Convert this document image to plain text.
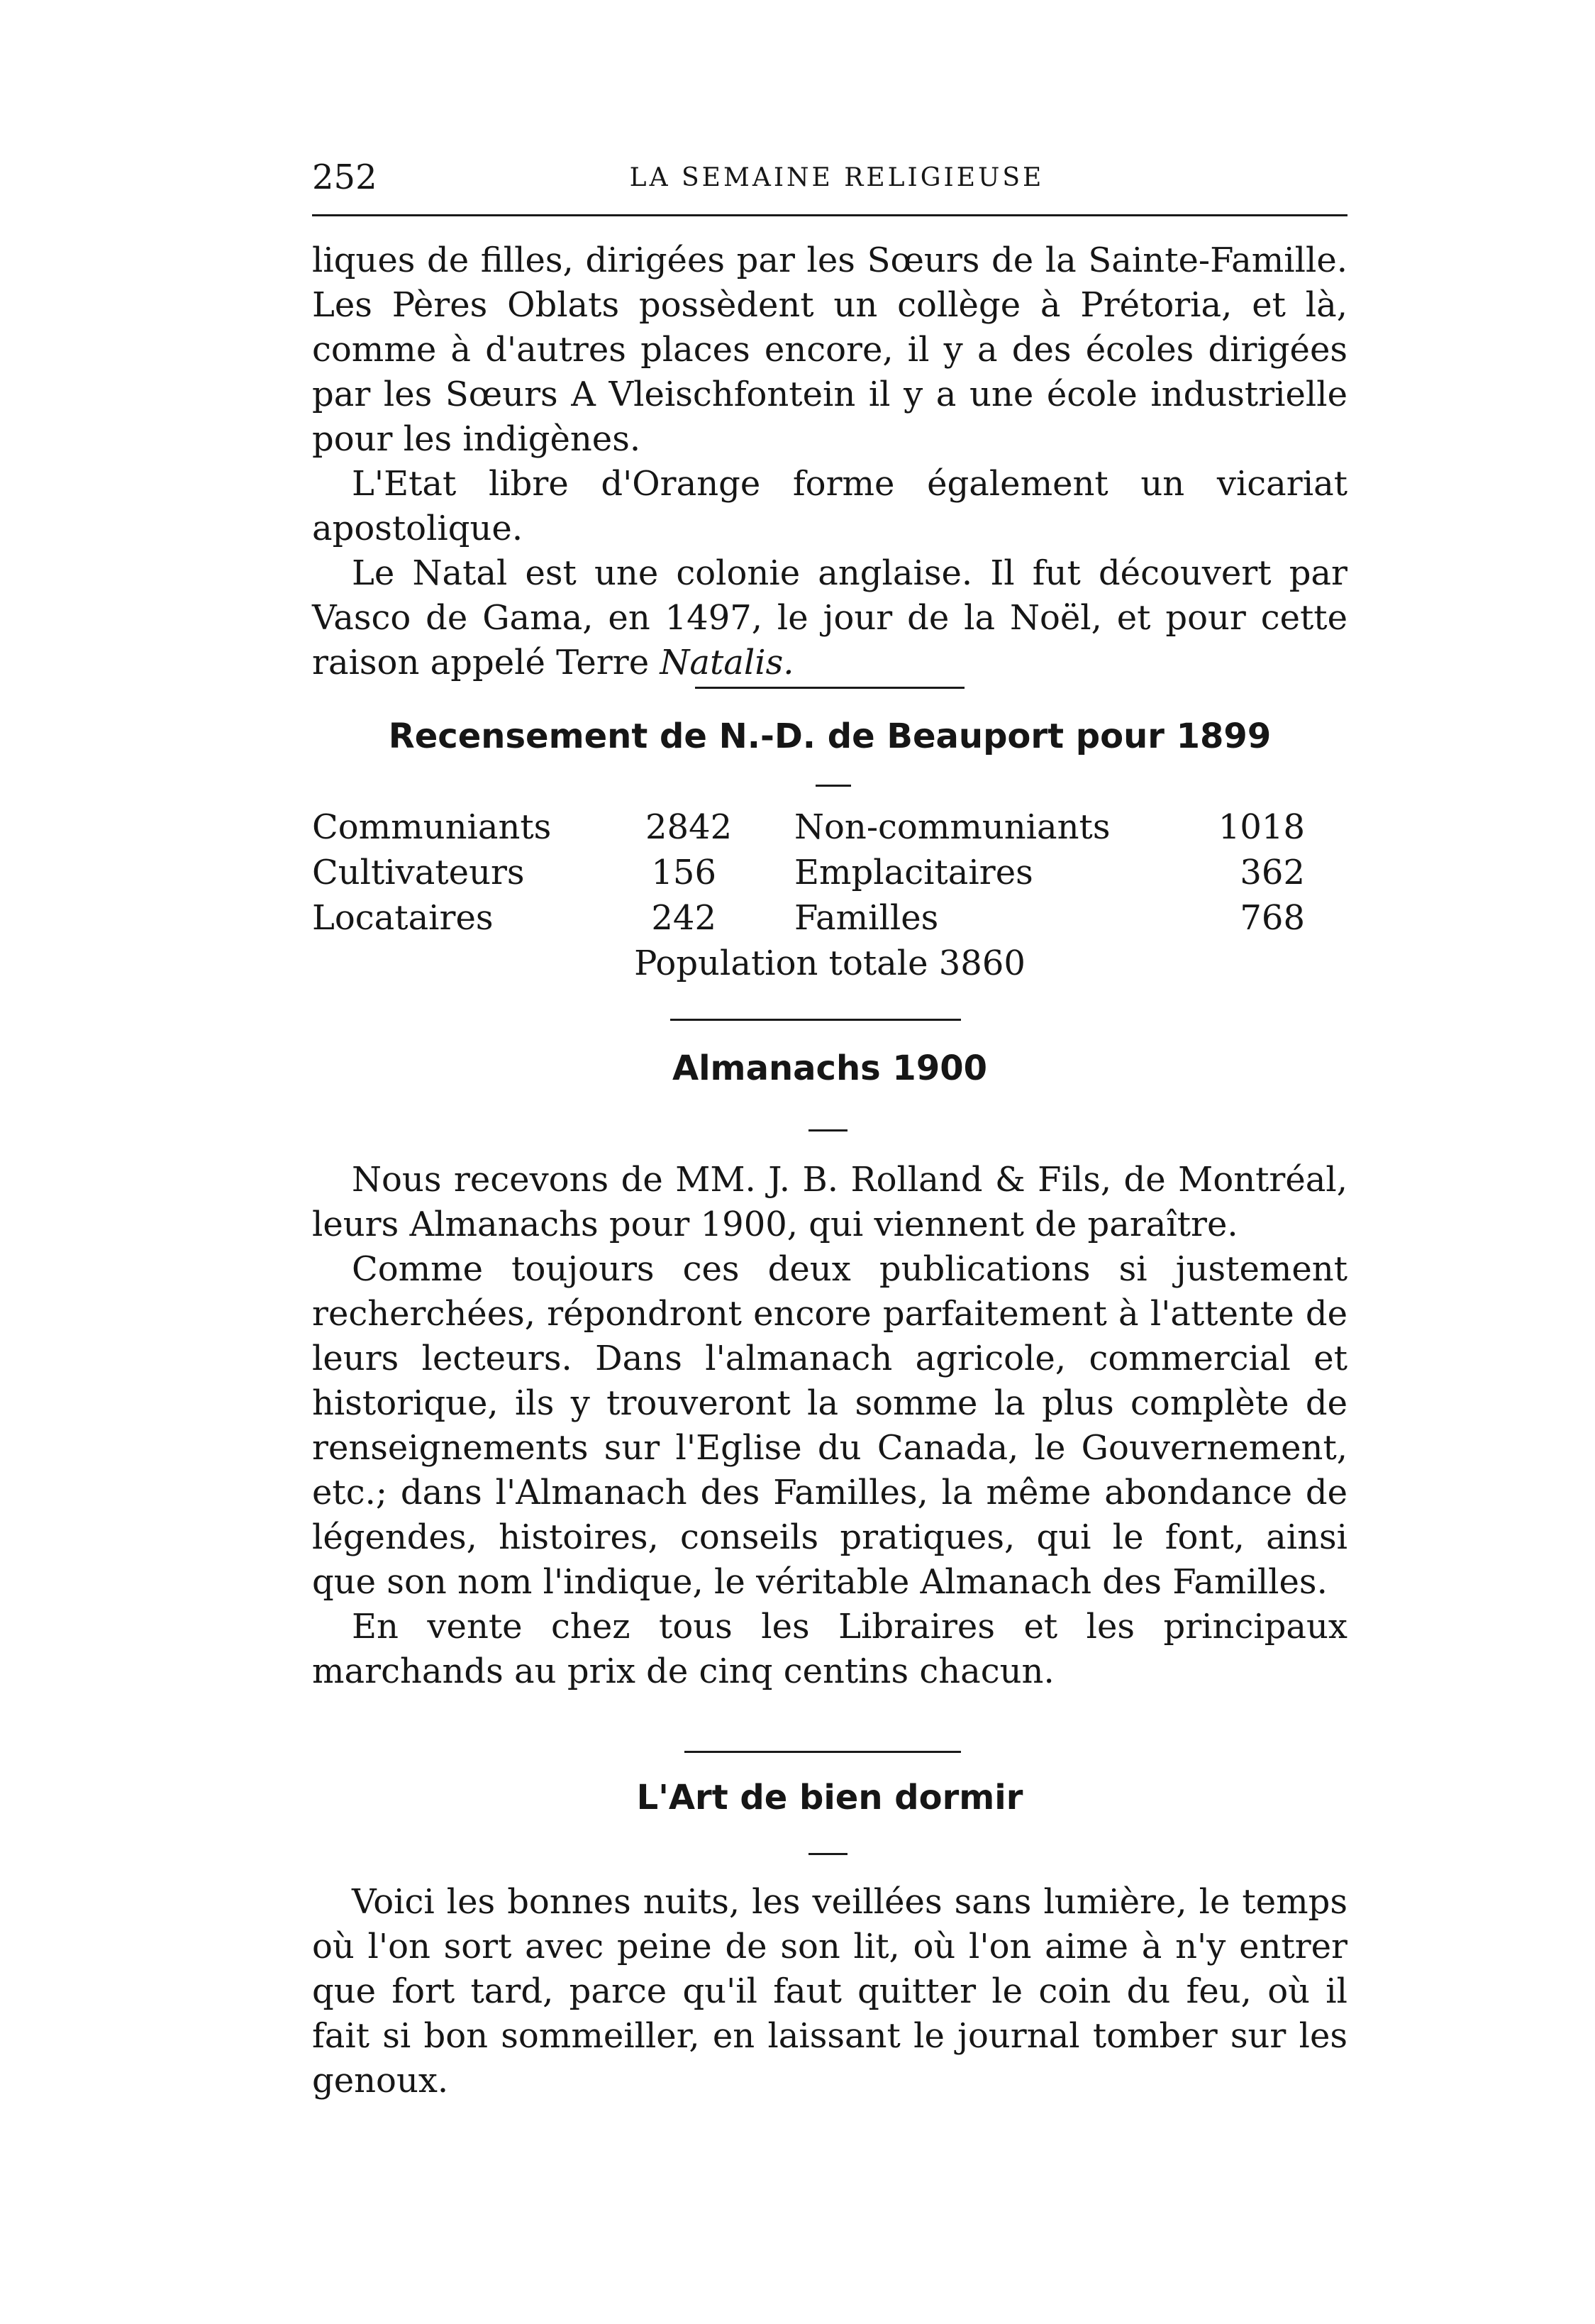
252	LA SEMAINE RELIGIEUSE

liques de filles, dirigées par les Sœurs de la Sainte-Famille. Les Pères Oblats possèdent un collège à Prétoria, et là, comme à d'autres places encore, il y a des écoles dirigées par les Sœurs A Vleischfontein il y a une école industrielle pour les indigènes.

L'Etat libre d'Orange forme également un vicariat apostolique.

Le Natal est une colonie anglaise. Il fut découvert par Vasco de Gama, en 1497, le jour de la Noël, et pour cette raison appelé Terre Natalis.

Recensement de N.-D. de Beauport pour 1899
Communiants	2842 Non-communiants	1018
Cultivateurs	156 Emplacitaires	362
Locataires	242 Familles	768
Population totale 3860
Almanachs 1900

Nous recevons de MM. J. B. Rolland & Fils, de Montréal, leurs Almanachs pour 1900, qui viennent de paraître.

Comme toujours ces deux publications si justement recherchées, répondront encore parfaitement à l'attente de leurs lecteurs. Dans l'almanach agricole, commercial et historique, ils y trouveront la somme la plus complète de renseignements sur l'Eglise du Canada, le Gouvernement, etc.; dans l'Almanach des Familles, la même abondance de légendes, histoires, conseils pratiques, qui le font, ainsi que son nom l'indique, le véritable Almanach des Familles.

En vente chez tous les Libraires et les principaux marchands au prix de cinq centins chacun.

L'Art de bien dormir

Voici les bonnes nuits, les veillées sans lumière, le temps où l'on sort avec peine de son lit, où l'on aime à n'y entrer que fort tard, parce qu'il faut quitter le coin du feu, où il fait si bon sommeiller, en laissant le journal tomber sur les genoux.
